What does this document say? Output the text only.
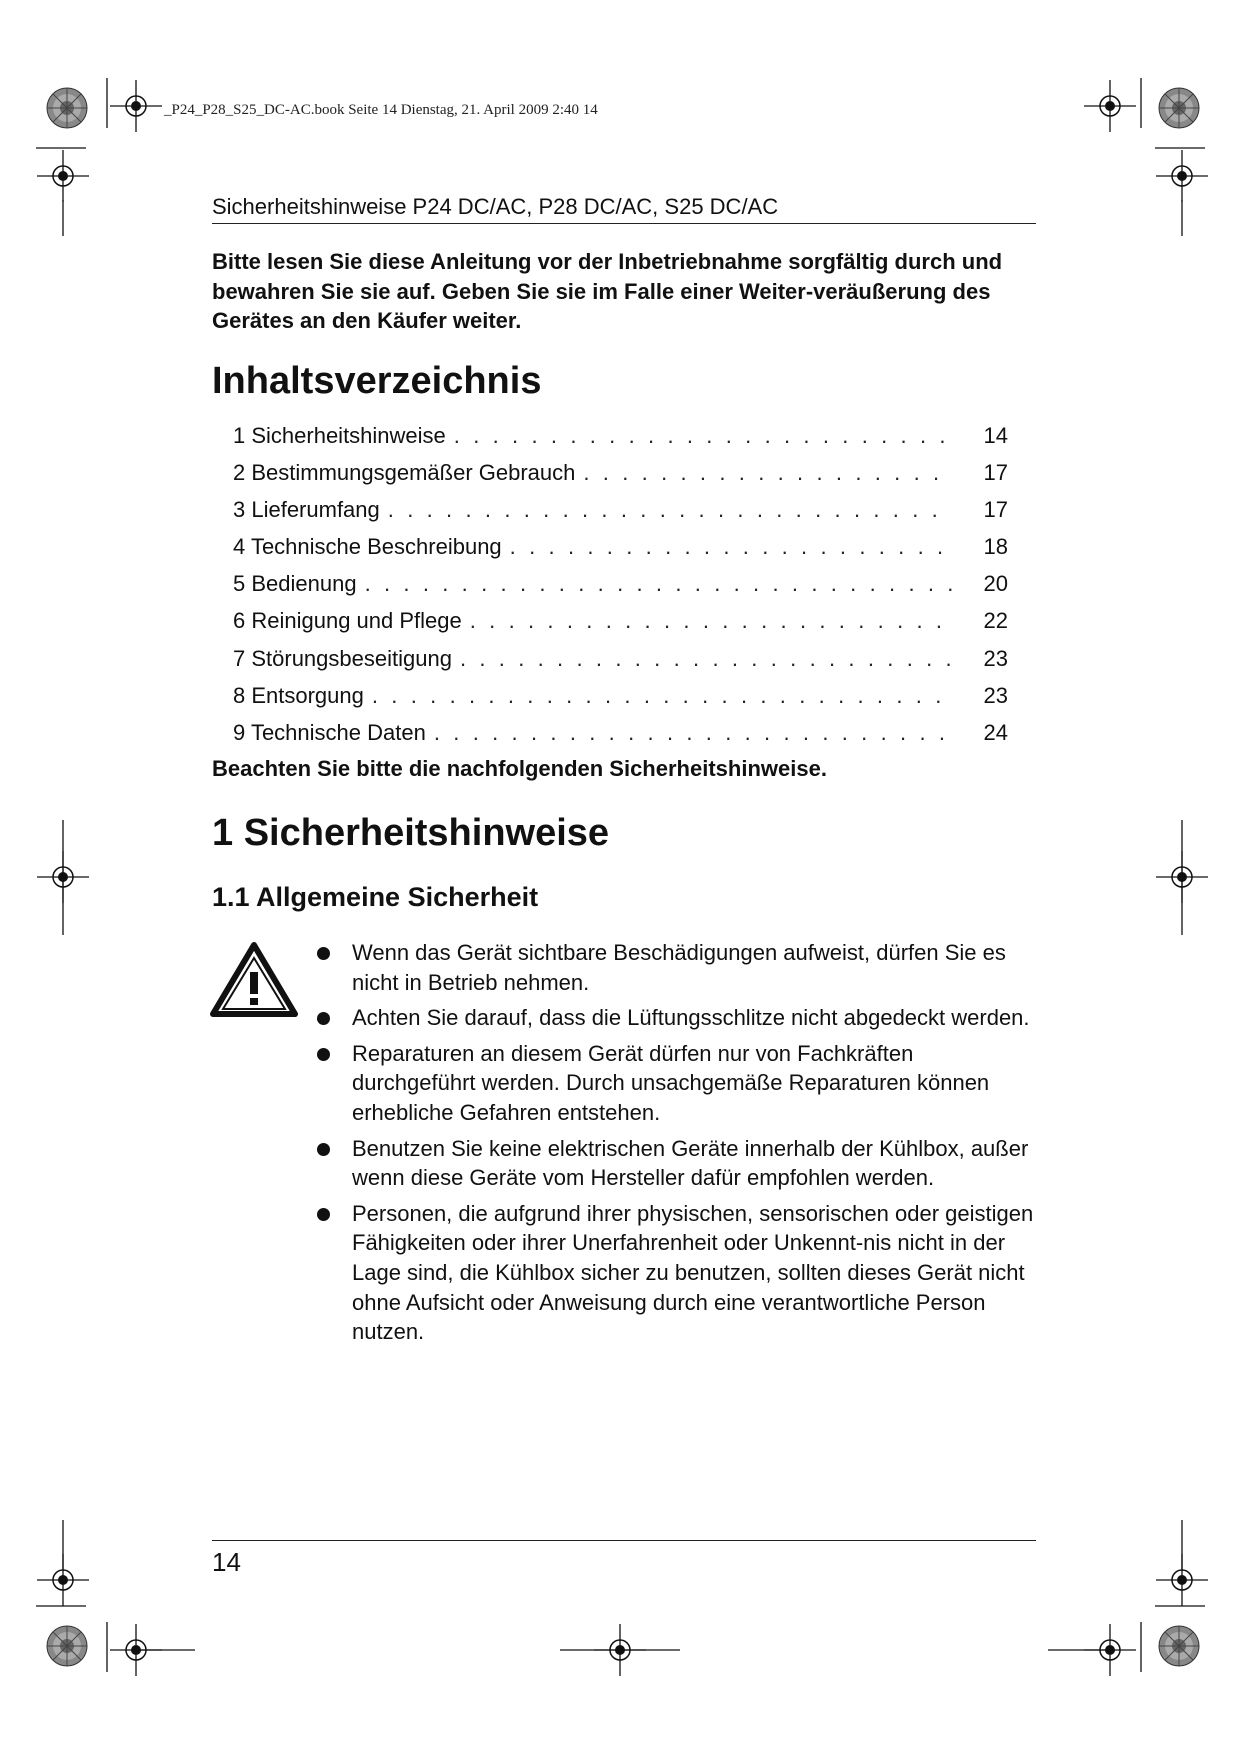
_P24_P28_S25_DC-AC.book Seite 14 Dienstag, 21. April 2009 2:40 14
Sicherheitshinweise P24 DC/AC, P28 DC/AC, S25 DC/AC
Bitte lesen Sie diese Anleitung vor der Inbetriebnahme sorgfältig durch und bewahren Sie sie auf. Geben Sie sie im Falle einer Weiter-veräußerung des Gerätes an den Käufer weiter.
Inhaltsverzeichnis
1 Sicherheitshinweise . . .	14
2 Bestimmungsgemäßer Gebrauch . . .	17
3 Lieferumfang . . .	17
4 Technische Beschreibung . . .	18
5 Bedienung . . .	20
6 Reinigung und Pflege . . .	22
7 Störungsbeseitigung . . .	23
8 Entsorgung . . .	23
9 Technische Daten . . .	24
Beachten Sie bitte die nachfolgenden Sicherheitshinweise.
1 Sicherheitshinweise
1.1 Allgemeine Sicherheit
Wenn das Gerät sichtbare Beschädigungen aufweist, dürfen Sie es nicht in Betrieb nehmen.
Achten Sie darauf, dass die Lüftungsschlitze nicht abgedeckt werden.
Reparaturen an diesem Gerät dürfen nur von Fachkräften durchgeführt werden. Durch unsachgemäße Reparaturen können erhebliche Gefahren entstehen.
Benutzen Sie keine elektrischen Geräte innerhalb der Kühlbox, außer wenn diese Geräte vom Hersteller dafür empfohlen werden.
Personen, die aufgrund ihrer physischen, sensorischen oder geistigen Fähigkeiten oder ihrer Unerfahrenheit oder Unkennt-nis nicht in der Lage sind, die Kühlbox sicher zu benutzen, sollten dieses Gerät nicht ohne Aufsicht oder Anweisung durch eine verantwortliche Person nutzen.
14
